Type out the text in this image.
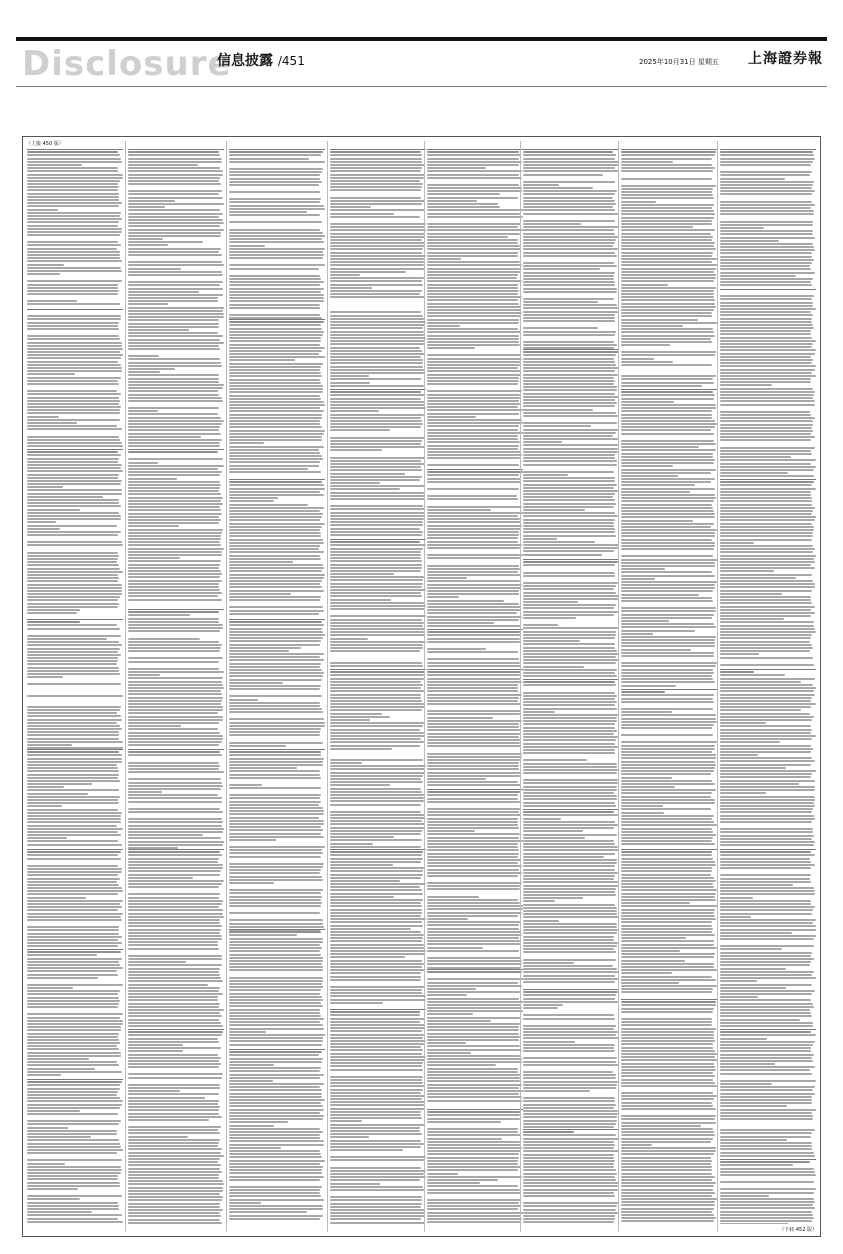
Disclosure
信息披露 /451	2025年10月31日 星期五 上海證券報
（上接 450 版）
（下转 452 版）
